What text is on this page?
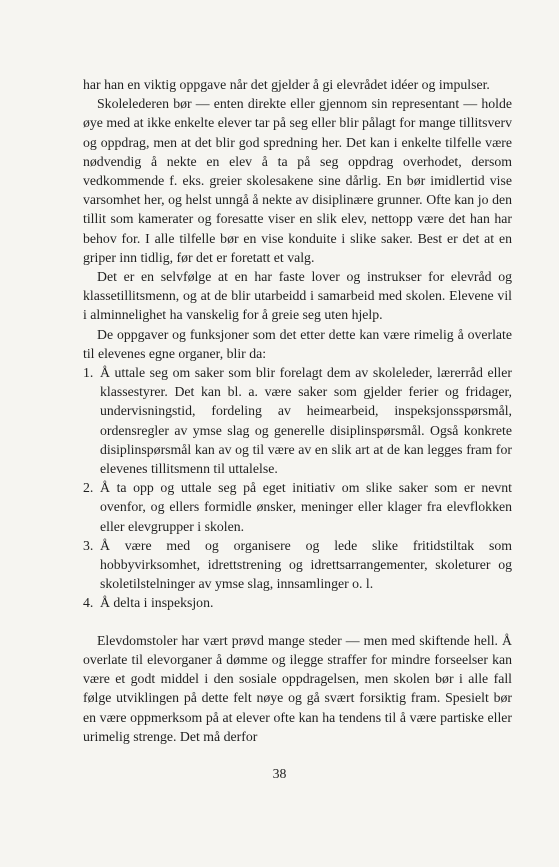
har han en viktig oppgave når det gjelder å gi elevrådet idéer og impulser.

Skolelederen bør — enten direkte eller gjennom sin representant — holde øye med at ikke enkelte elever tar på seg eller blir pålagt for mange tillitsverv og oppdrag, men at det blir god spredning her. Det kan i enkelte tilfelle være nødvendig å nekte en elev å ta på seg oppdrag overhodet, dersom vedkommende f. eks. greier skolesakene sine dårlig. En bør imidlertid vise varsomhet her, og helst unngå å nekte av disiplinære grunner. Ofte kan jo den tillit som kamerater og foresatte viser en slik elev, nettopp være det han har behov for. I alle tilfelle bør en vise konduite i slike saker. Best er det at en griper inn tidlig, før det er foretatt et valg.

Det er en selvfølge at en har faste lover og instrukser for elevråd og klassetillitsmenn, og at de blir utarbeidd i samarbeid med skolen. Elevene vil i alminnelighet ha vanskelig for å greie seg uten hjelp.

De oppgaver og funksjoner som det etter dette kan være rimelig å overlate til elevenes egne organer, blir da:

1. Å uttale seg om saker som blir forelagt dem av skoleleder, lærerråd eller klassestyrer. Det kan bl. a. være saker som gjelder ferier og fridager, undervisningstid, fordeling av heimearbeid, inspeksjonsspørsmål, ordensregler av ymse slag og generelle disiplinspørsmål. Også konkrete disiplinspørsmål kan av og til være av en slik art at de kan legges fram for elevenes tillitsmenn til uttalelse.
2. Å ta opp og uttale seg på eget initiativ om slike saker som er nevnt ovenfor, og ellers formidle ønsker, meninger eller klager fra elevflokken eller elevgrupper i skolen.
3. Å være med og organisere og lede slike fritidstiltak som hobbyvirksomhet, idrettstrening og idrettsarrangementer, skoleturer og skoletilstelninger av ymse slag, innsamlinger o. l.
4. Å delta i inspeksjon.

Elevdomstoler har vært prøvd mange steder — men med skiftende hell. Å overlate til elevorganer å dømme og ilegge straffer for mindre forseelser kan være et godt middel i den sosiale oppdragelsen, men skolen bør i alle fall følge utviklingen på dette felt nøye og gå svært forsiktig fram. Spesielt bør en være oppmerksom på at elever ofte kan ha tendens til å være partiske eller urimelig strenge. Det må derfor

38
